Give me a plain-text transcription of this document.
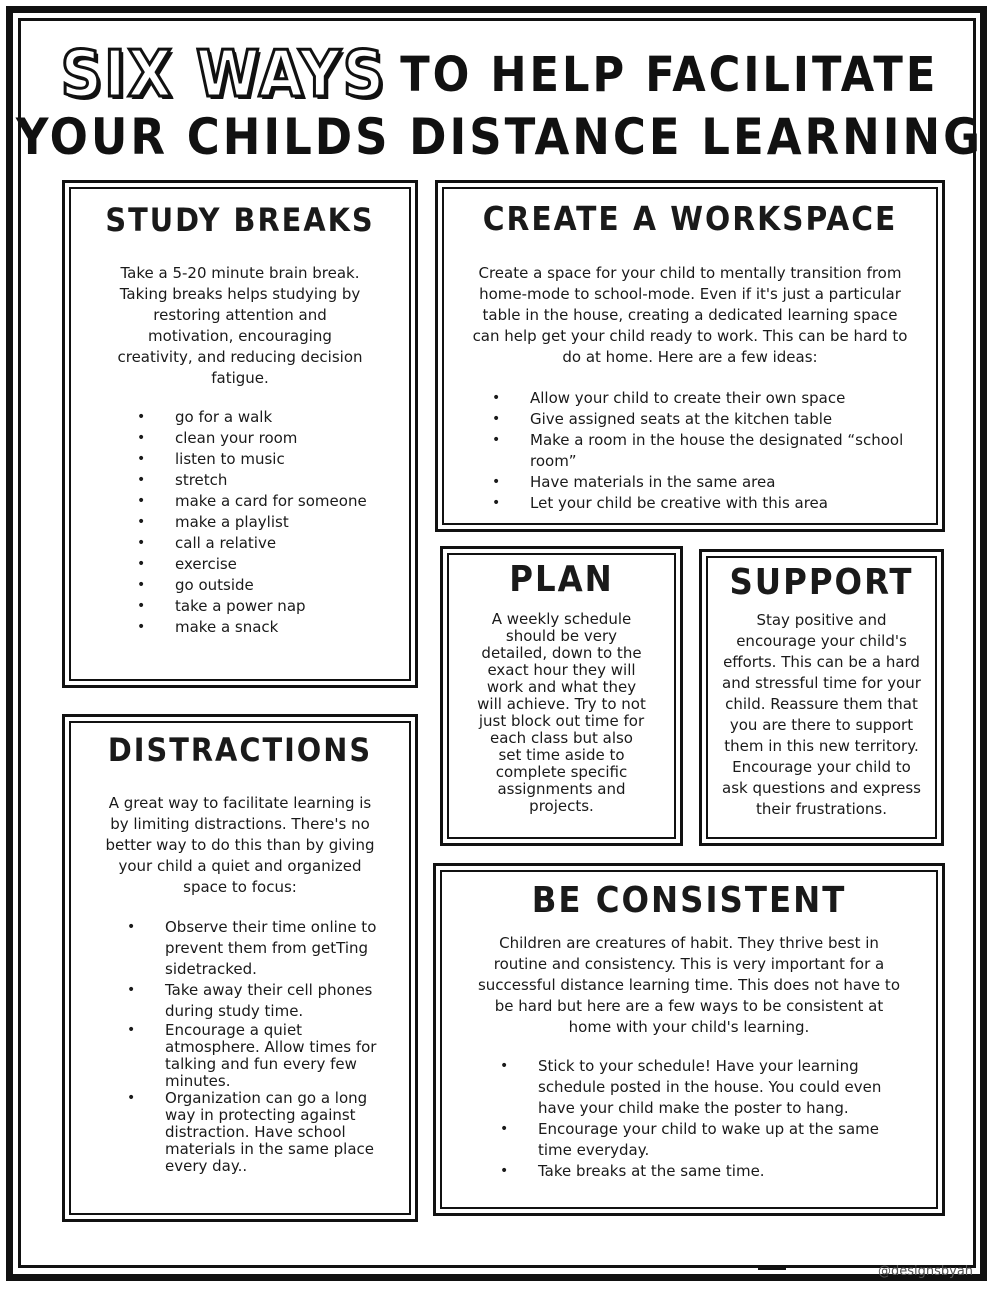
SIX WAYS TO HELP FACILITATE
YOUR CHILDS DISTANCE LEARNING
STUDY BREAKS

Take a 5-20 minute brain break. Taking breaks helps studying by restoring attention and motivation, encouraging creativity, and reducing decision fatigue.

• go for a walk
• clean your room
• listen to music
• stretch
• make a card for someone
• make a playlist
• call a relative
• exercise
• go outside
• take a power nap
• make a snack
CREATE A WORKSPACE

Create a space for your child to mentally transition from home-mode to school-mode. Even if it's just a particular table in the house, creating a dedicated learning space can help get your child ready to work. This can be hard to do at home. Here are a few ideas:

• Allow your child to create their own space
• Give assigned seats at the kitchen table
• Make a room in the house the designated “school room”
• Have materials in the same area
• Let your child be creative with this area
PLAN

A weekly schedule should be very detailed, down to the exact hour they will work and what they will achieve. Try to not just block out time for each class but also set time aside to complete specific assignments and projects.

SUPPORT

Stay positive and encourage your child's efforts. This can be a hard and stressful time for your child. Reassure them that you are there to support them in this new territory. Encourage your child to ask questions and express their frustrations.

DISTRACTIONS

A great way to facilitate learning is by limiting distractions. There's no better way to do this than by giving your child a quiet and organized space to focus:

• Observe their time online to prevent them from getTing sidetracked.
• Take away their cell phones during study time.
• Encourage a quiet atmosphere. Allow times for talking and fun every few minutes.
• Organization can go a long way in protecting against distraction. Have school materials in the same place every day..
BE CONSISTENT

Children are creatures of habit. They thrive best in routine and consistency. This is very important for a successful distance learning time. This does not have to be hard but here are a few ways to be consistent at home with your child's learning.

• Stick to your schedule! Have your learning schedule posted in the house. You could even have your child make the poster to hang.
• Encourage your child to wake up at the same time everyday.
• Take breaks at the same time.
@designsbyah
